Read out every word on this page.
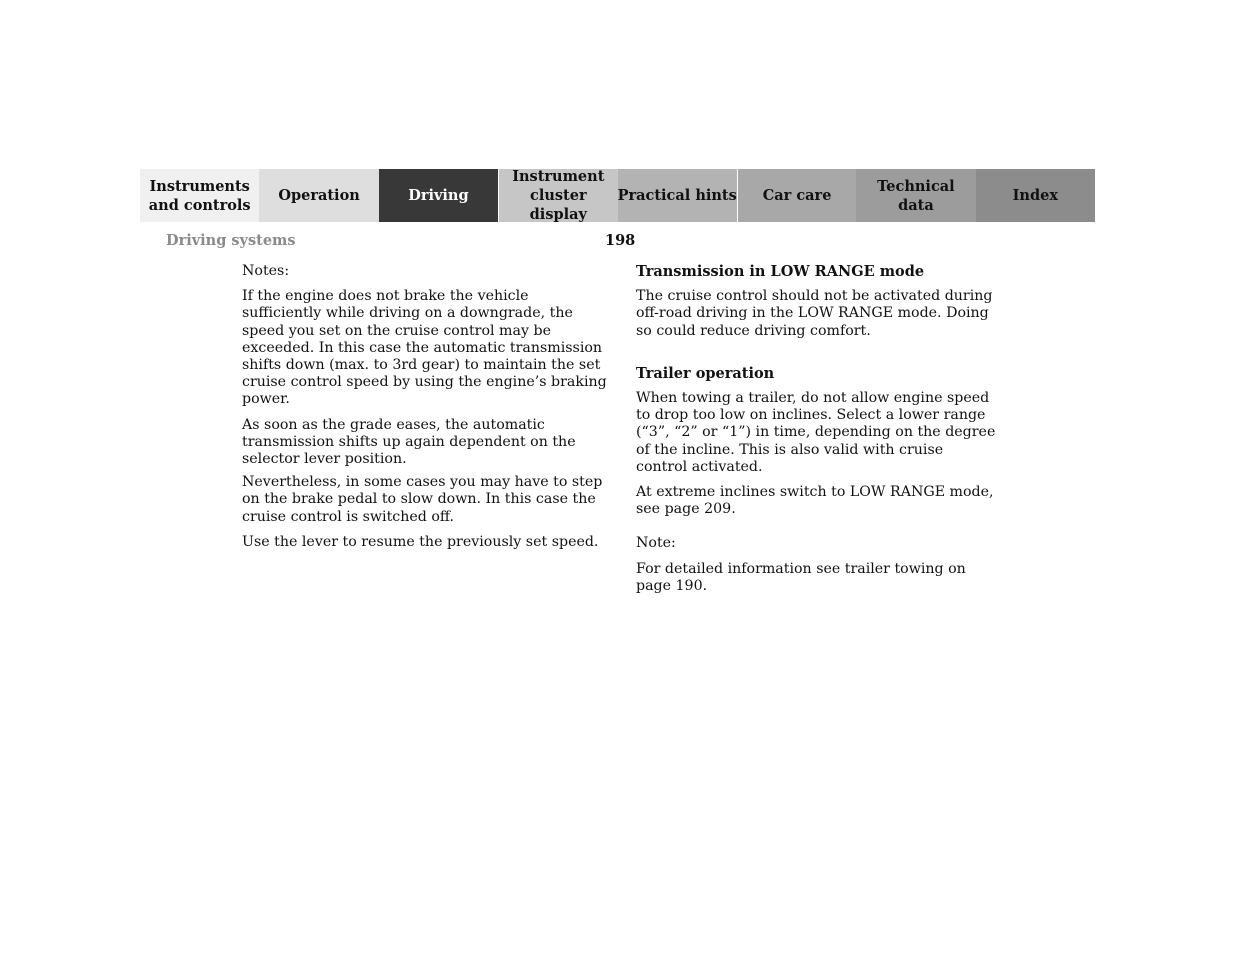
Instruments
and controls
Operation	Driving
Instrument
cluster display
Practical hints	Car care
Technical
data
Index
Driving systems	198

Notes:

If the engine does not brake the vehicle sufficiently while driving on a downgrade, the speed you set on the cruise control may be exceeded. In this case the automatic transmission shifts down (max. to 3rd gear) to maintain the set cruise control speed by using the engine’s braking power.

As soon as the grade eases, the automatic transmission shifts up again dependent on the selector lever position.

Nevertheless, in some cases you may have to step on the brake pedal to slow down. In this case the cruise control is switched off.

Use the lever to resume the previously set speed.

Transmission in LOW RANGE mode

The cruise control should not be activated during off-road driving in the LOW RANGE mode. Doing so could reduce driving comfort.

Trailer operation

When towing a trailer, do not allow engine speed to drop too low on inclines. Select a lower range (“3”, “2” or “1”) in time, depending on the degree of the incline. This is also valid with cruise control activated.

At extreme inclines switch to LOW RANGE mode, see page 209.

Note:

For detailed information see trailer towing on page 190.
